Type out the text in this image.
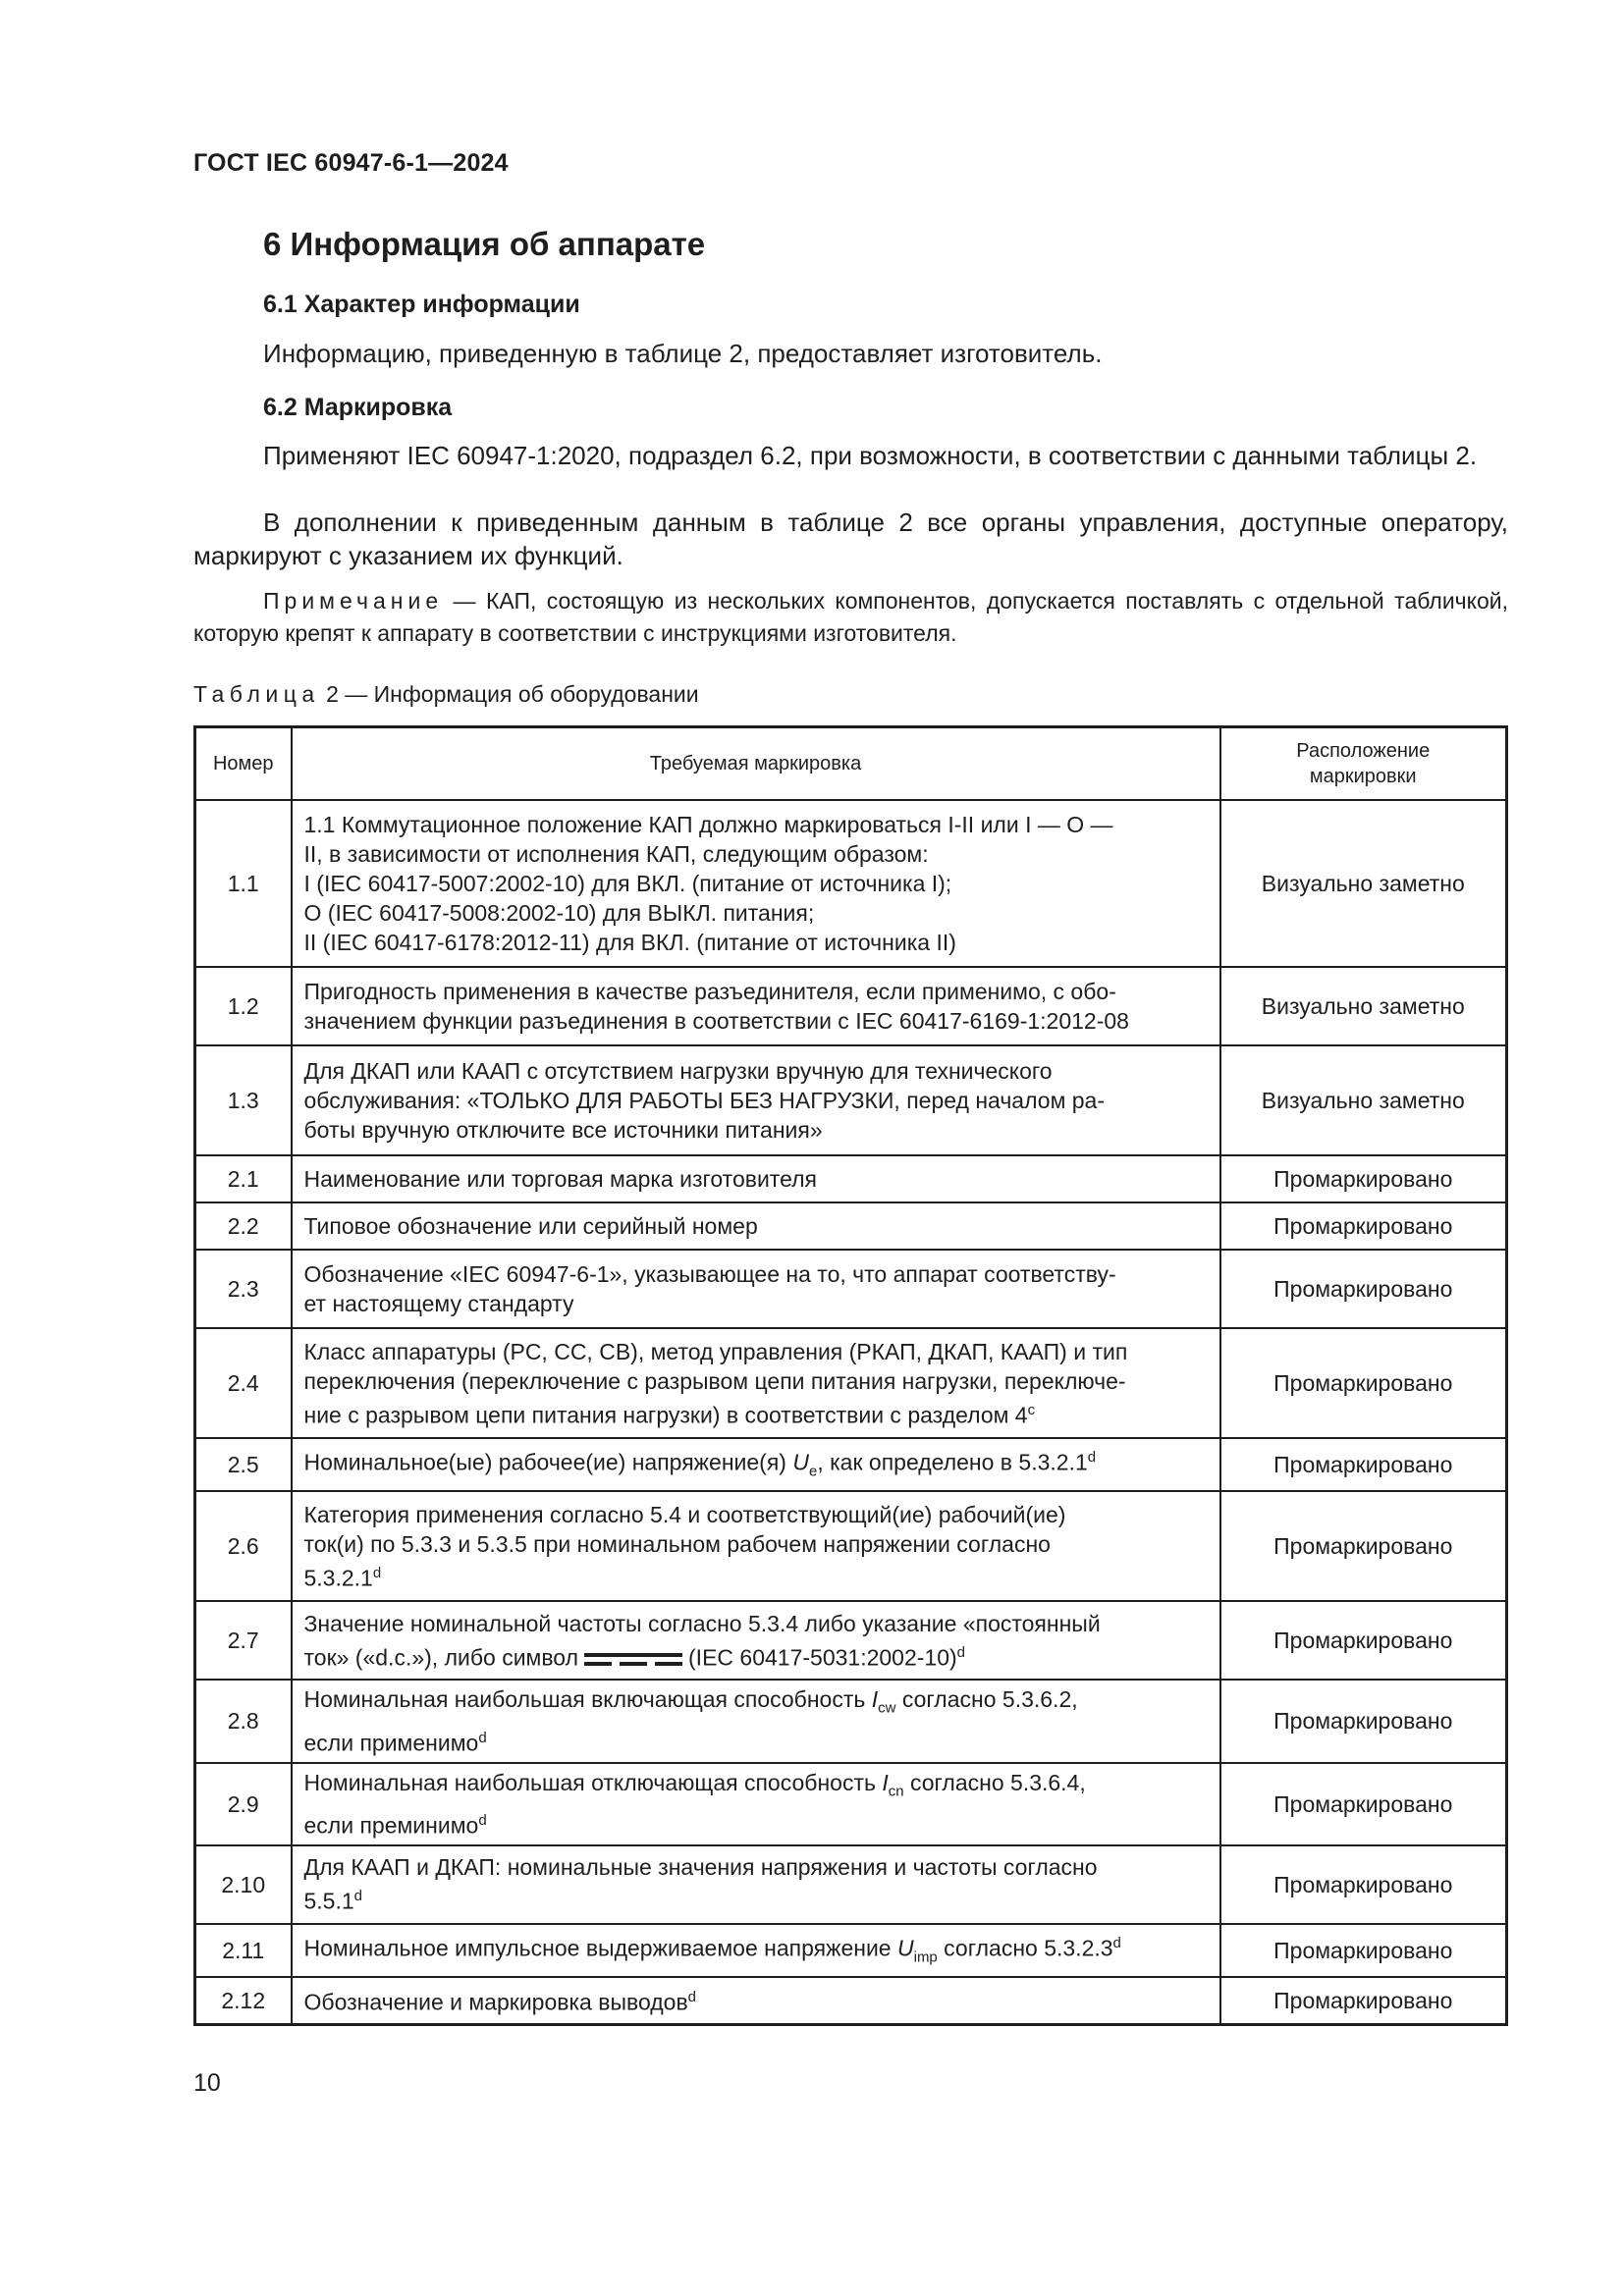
ГОСТ IEC 60947-6-1—2024
6 Информация об аппарате
6.1 Характер информации
Информацию, приведенную в таблице 2, предоставляет изготовитель.
6.2 Маркировка
Применяют IEC 60947-1:2020, подраздел 6.2, при возможности, в соответствии с данными таблицы 2.
В дополнении к приведенным данным в таблице 2 все органы управления, доступные оператору, маркируют с указанием их функций.
Примечание — КАП, состоящую из нескольких компонентов, допускается поставлять с отдельной табличкой, которую крепят к аппарату в соответствии с инструкциями изготовителя.
Таблица 2 — Информация об оборудовании
Номер	Требуемая маркировка	Расположение
маркировки
1.1	1.1 Коммутационное положение КАП должно маркироваться I-II или I — O —
II, в зависимости от исполнения КАП, следующим образом:
I (IEC 60417-5007:2002-10) для ВКЛ. (питание от источника I);
O (IEC 60417-5008:2002-10) для ВЫКЛ. питания;
II (IEC 60417-6178:2012-11) для ВКЛ. (питание от источника II)	Визуально заметно
1.2	Пригодность применения в качестве разъединителя, если применимо, с обо-
значением функции разъединения в соответствии с IEC 60417-6169-1:2012-08	Визуально заметно
1.3	Для ДКАП или КААП с отсутствием нагрузки вручную для технического
обслуживания: «ТОЛЬКО ДЛЯ РАБОТЫ БЕЗ НАГРУЗКИ, перед началом ра-
боты вручную отключите все источники питания»	Визуально заметно
2.1	Наименование или торговая марка изготовителя	Промаркировано
2.2	Типовое обозначение или серийный номер	Промаркировано
2.3	Обозначение «IEC 60947-6-1», указывающее на то, что аппарат соответству-
ет настоящему стандарту	Промаркировано
2.4	Класс аппаратуры (PC, CC, CB), метод управления (РКАП, ДКАП, КААП) и тип
переключения (переключение с разрывом цепи питания нагрузки, переключе-
ние с разрывом цепи питания нагрузки) в соответствии с разделом 4$^c$	Промаркировано
2.5	Номинальное(ые) рабочее(ие) напряжение(я) $U_e$, как определено в 5.3.2.1$^d$	Промаркировано
2.6	Категория применения согласно 5.4 и соответствующий(ие) рабочий(ие)
ток(и) по 5.3.3 и 5.3.5 при номинальном рабочем напряжении согласно
5.3.2.1$^d$	Промаркировано
2.7	Значение номинальной частоты согласно 5.3.4 либо указание «постоянный
ток» («d.c.»), либо символ (IEC 60417-5031:2002-10)$^d$	Промаркировано
2.8	Номинальная наибольшая включающая способность $I_{cw}$ согласно 5.3.6.2,
если применимо$^d$	Промаркировано
2.9	Номинальная наибольшая отключающая способность $I_{cn}$ согласно 5.3.6.4,
если преминимо$^d$	Промаркировано
2.10	Для КААП и ДКАП: номинальные значения напряжения и частоты согласно
5.5.1$^d$	Промаркировано
2.11	Номинальное импульсное выдерживаемое напряжение $U_{imp}$ согласно 5.3.2.3$^d$	Промаркировано
2.12	Обозначение и маркировка выводов$^d$	Промаркировано
10
